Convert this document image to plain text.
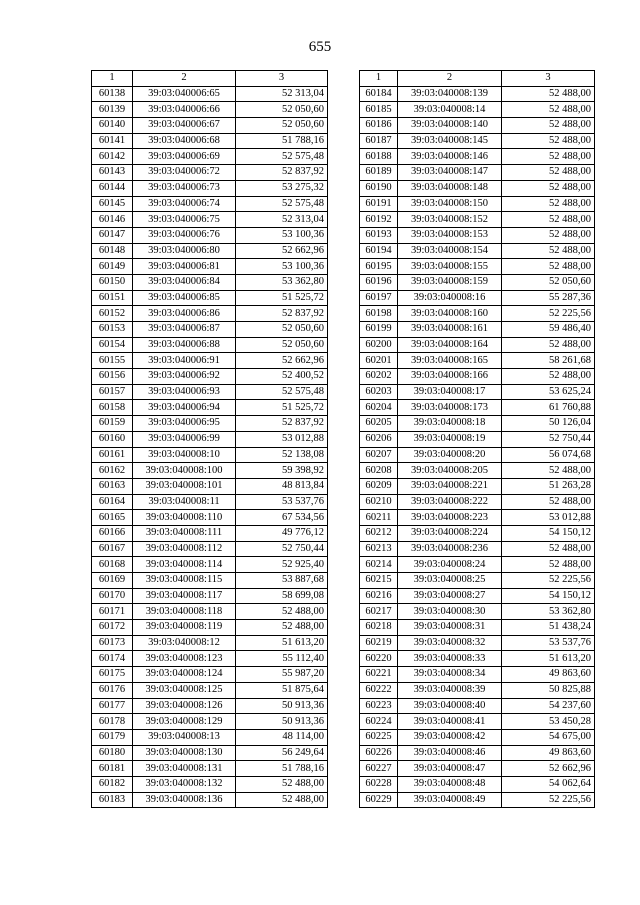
655
1	2	3
60138	39:03:040006:65	52 313,04
60139	39:03:040006:66	52 050,60
60140	39:03:040006:67	52 050,60
60141	39:03:040006:68	51 788,16
60142	39:03:040006:69	52 575,48
60143	39:03:040006:72	52 837,92
60144	39:03:040006:73	53 275,32
60145	39:03:040006:74	52 575,48
60146	39:03:040006:75	52 313,04
60147	39:03:040006:76	53 100,36
60148	39:03:040006:80	52 662,96
60149	39:03:040006:81	53 100,36
60150	39:03:040006:84	53 362,80
60151	39:03:040006:85	51 525,72
60152	39:03:040006:86	52 837,92
60153	39:03:040006:87	52 050,60
60154	39:03:040006:88	52 050,60
60155	39:03:040006:91	52 662,96
60156	39:03:040006:92	52 400,52
60157	39:03:040006:93	52 575,48
60158	39:03:040006:94	51 525,72
60159	39:03:040006:95	52 837,92
60160	39:03:040006:99	53 012,88
60161	39:03:040008:10	52 138,08
60162	39:03:040008:100	59 398,92
60163	39:03:040008:101	48 813,84
60164	39:03:040008:11	53 537,76
60165	39:03:040008:110	67 534,56
60166	39:03:040008:111	49 776,12
60167	39:03:040008:112	52 750,44
60168	39:03:040008:114	52 925,40
60169	39:03:040008:115	53 887,68
60170	39:03:040008:117	58 699,08
60171	39:03:040008:118	52 488,00
60172	39:03:040008:119	52 488,00
60173	39:03:040008:12	51 613,20
60174	39:03:040008:123	55 112,40
60175	39:03:040008:124	55 987,20
60176	39:03:040008:125	51 875,64
60177	39:03:040008:126	50 913,36
60178	39:03:040008:129	50 913,36
60179	39:03:040008:13	48 114,00
60180	39:03:040008:130	56 249,64
60181	39:03:040008:131	51 788,16
60182	39:03:040008:132	52 488,00
60183	39:03:040008:136	52 488,00
1	2	3
60184	39:03:040008:139	52 488,00
60185	39:03:040008:14	52 488,00
60186	39:03:040008:140	52 488,00
60187	39:03:040008:145	52 488,00
60188	39:03:040008:146	52 488,00
60189	39:03:040008:147	52 488,00
60190	39:03:040008:148	52 488,00
60191	39:03:040008:150	52 488,00
60192	39:03:040008:152	52 488,00
60193	39:03:040008:153	52 488,00
60194	39:03:040008:154	52 488,00
60195	39:03:040008:155	52 488,00
60196	39:03:040008:159	52 050,60
60197	39:03:040008:16	55 287,36
60198	39:03:040008:160	52 225,56
60199	39:03:040008:161	59 486,40
60200	39:03:040008:164	52 488,00
60201	39:03:040008:165	58 261,68
60202	39:03:040008:166	52 488,00
60203	39:03:040008:17	53 625,24
60204	39:03:040008:173	61 760,88
60205	39:03:040008:18	50 126,04
60206	39:03:040008:19	52 750,44
60207	39:03:040008:20	56 074,68
60208	39:03:040008:205	52 488,00
60209	39:03:040008:221	51 263,28
60210	39:03:040008:222	52 488,00
60211	39:03:040008:223	53 012,88
60212	39:03:040008:224	54 150,12
60213	39:03:040008:236	52 488,00
60214	39:03:040008:24	52 488,00
60215	39:03:040008:25	52 225,56
60216	39:03:040008:27	54 150,12
60217	39:03:040008:30	53 362,80
60218	39:03:040008:31	51 438,24
60219	39:03:040008:32	53 537,76
60220	39:03:040008:33	51 613,20
60221	39:03:040008:34	49 863,60
60222	39:03:040008:39	50 825,88
60223	39:03:040008:40	54 237,60
60224	39:03:040008:41	53 450,28
60225	39:03:040008:42	54 675,00
60226	39:03:040008:46	49 863,60
60227	39:03:040008:47	52 662,96
60228	39:03:040008:48	54 062,64
60229	39:03:040008:49	52 225,56
